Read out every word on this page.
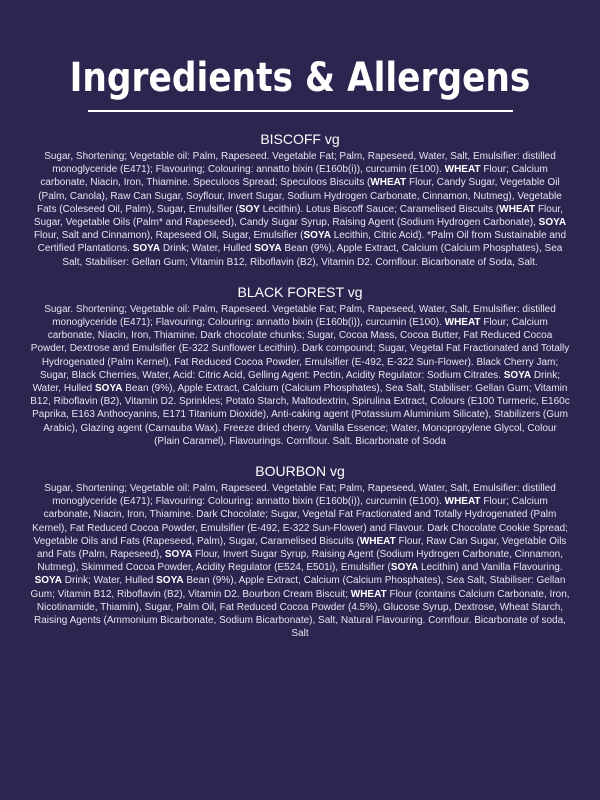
Ingredients & Allergens
BISCOFF vg

Sugar, Shortening; Vegetable oil: Palm, Rapeseed. Vegetable Fat; Palm, Rapeseed, Water, Salt, Emulsifier: distilled monoglyceride (E471); Flavouring; Colouring: annatto bixin (E160b(i)), curcumin (E100). WHEAT Flour; Calcium carbonate, Niacin, Iron, Thiamine. Speculoos Spread; Speculoos Biscuits (WHEAT Flour, Candy Sugar, Vegetable Oil (Palm, Canola), Raw Can Sugar, Soyflour, Invert Sugar, Sodium Hydrogen Carbonate, Cinnamon, Nutmeg), Vegetable Fats (Coleseed Oil, Palm), Sugar, Emulsifier (SOY Lecithin). Lotus Biscoff Sauce; Caramelised Biscuits (WHEAT Flour, Sugar, Vegetable Oils (Palm* and Rapeseed), Candy Sugar Syrup, Raising Agent (Sodium Hydrogen Carbonate), SOYA Flour, Salt and Cinnamon), Rapeseed Oil, Sugar, Emulsifier (SOYA Lecithin, Citric Acid). *Palm Oil from Sustainable and Certified Plantations. SOYA Drink; Water, Hulled SOYA Bean (9%), Apple Extract, Calcium (Calcium Phosphates), Sea Salt, Stabiliser: Gellan Gum; Vitamin B12, Riboflavin (B2), Vitamin D2. Cornflour. Bicarbonate of Soda, Salt.

BLACK FOREST vg

Sugar. Shortening; Vegetable oil: Palm, Rapeseed. Vegetable Fat; Palm, Rapeseed, Water, Salt, Emulsifier: distilled monoglyceride (E471); Flavouring; Colouring: annatto bixin (E160b(i)), curcumin (E100). WHEAT Flour; Calcium carbonate, Niacin, Iron, Thiamine. Dark chocolate chunks; Sugar, Cocoa Mass, Cocoa Butter, Fat Reduced Cocoa Powder, Dextrose and Emulsifier (E-322 Sunflower Lecithin). Dark compound; Sugar, Vegetal Fat Fractionated and Totally Hydrogenated (Palm Kernel), Fat Reduced Cocoa Powder, Emulsifier (E-492, E-322 Sun-Flower). Black Cherry Jam; Sugar, Black Cherries, Water, Acid: Citric Acid, Gelling Agent: Pectin, Acidity Regulator: Sodium Citrates. SOYA Drink; Water, Hulled SOYA Bean (9%), Apple Extract, Calcium (Calcium Phosphates), Sea Salt, Stabiliser: Gellan Gum; Vitamin B12, Riboflavin (B2), Vitamin D2. Sprinkles; Potato Starch, Maltodextrin, Spirulina Extract, Colours (E100 Turmeric, E160c Paprika, E163 Anthocyanins, E171 Titanium Dioxide), Anti-caking agent (Potassium Aluminium Silicate), Stabilizers (Gum Arabic), Glazing agent (Carnauba Wax). Freeze dried cherry. Vanilla Essence; Water, Monopropylene Glycol, Colour (Plain Caramel), Flavourings. Cornflour. Salt. Bicarbonate of Soda

BOURBON vg

Sugar, Shortening; Vegetable oil: Palm, Rapeseed. Vegetable Fat; Palm, Rapeseed, Water, Salt, Emulsifier: distilled monoglyceride (E471); Flavouring: Colouring: annatto bixin (E160b(i)), curcumin (E100). WHEAT Flour; Calcium carbonate, Niacin, Iron, Thiamine. Dark Chocolate; Sugar, Vegetal Fat Fractionated and Totally Hydrogenated (Palm Kernel), Fat Reduced Cocoa Powder, Emulsifier (E-492, E-322 Sun-Flower) and Flavour. Dark Chocolate Cookie Spread; Vegetable Oils and Fats (Rapeseed, Palm), Sugar, Caramelised Biscuits (WHEAT Flour, Raw Can Sugar, Vegetable Oils and Fats (Palm, Rapeseed), SOYA Flour, Invert Sugar Syrup, Raising Agent (Sodium Hydrogen Carbonate, Cinnamon, Nutmeg), Skimmed Cocoa Powder, Acidity Regulator (E524, E501i), Emulsifier (SOYA Lecithin) and Vanilla Flavouring. SOYA Drink; Water, Hulled SOYA Bean (9%), Apple Extract, Calcium (Calcium Phosphates), Sea Salt, Stabiliser: Gellan Gum; Vitamin B12, Riboflavin (B2), Vitamin D2. Bourbon Cream Biscuit; WHEAT Flour (contains Calcium Carbonate, Iron, Nicotinamide, Thiamin), Sugar, Palm Oil, Fat Reduced Cocoa Powder (4.5%), Glucose Syrup, Dextrose, Wheat Starch, Raising Agents (Ammonium Bicarbonate, Sodium Bicarbonate), Salt, Natural Flavouring. Cornflour. Bicarbonate of soda, Salt
